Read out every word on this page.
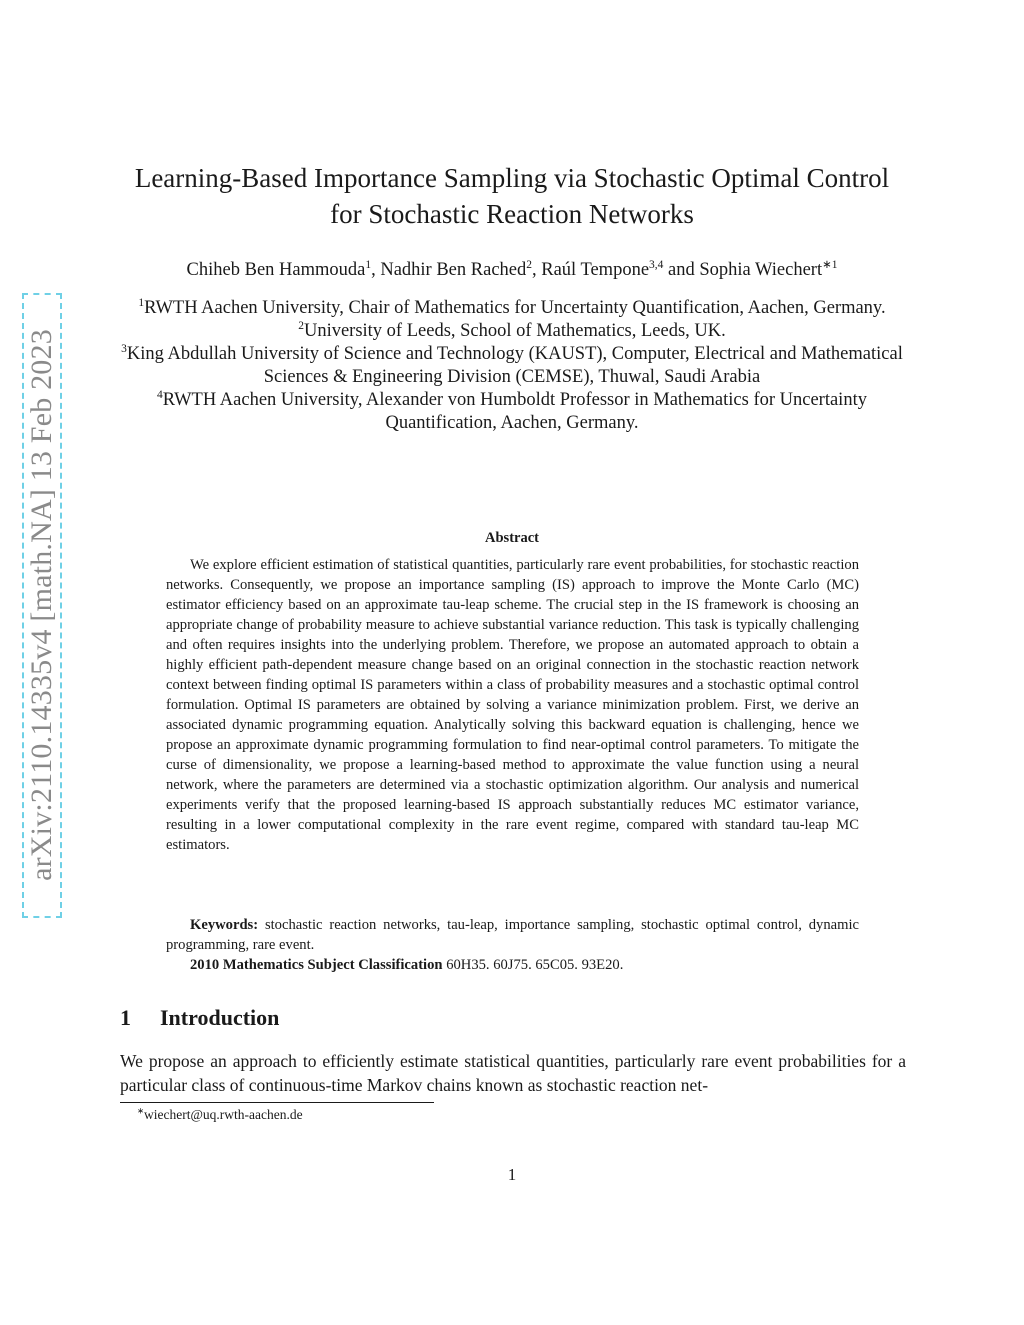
arXiv:2110.14335v4 [math.NA] 13 Feb 2023
Learning-Based Importance Sampling via Stochastic Optimal Control for Stochastic Reaction Networks
Chiheb Ben Hammouda$^1$, Nadhir Ben Rached$^2$, Raúl Tempone$^{3,4}$ and Sophia Wiechert$^{∗1}$
$^1$RWTH Aachen University, Chair of Mathematics for Uncertainty Quantification, Aachen, Germany.
$^2$University of Leeds, School of Mathematics, Leeds, UK.
$^3$King Abdullah University of Science and Technology (KAUST), Computer, Electrical and Mathematical Sciences & Engineering Division (CEMSE), Thuwal, Saudi Arabia
$^4$RWTH Aachen University, Alexander von Humboldt Professor in Mathematics for Uncertainty Quantification, Aachen, Germany.
Abstract

We explore efficient estimation of statistical quantities, particularly rare event probabilities, for stochastic reaction networks. Consequently, we propose an importance sampling (IS) approach to improve the Monte Carlo (MC) estimator efficiency based on an approximate tau-leap scheme. The crucial step in the IS framework is choosing an appropriate change of probability measure to achieve substantial variance reduction. This task is typically challenging and often requires insights into the underlying problem. Therefore, we propose an automated approach to obtain a highly efficient path-dependent measure change based on an original connection in the stochastic reaction network context between finding optimal IS parameters within a class of probability measures and a stochastic optimal control formulation. Optimal IS parameters are obtained by solving a variance minimization problem. First, we derive an associated dynamic programming equation. Analytically solving this backward equation is challenging, hence we propose an approximate dynamic programming formulation to find near-optimal control parameters. To mitigate the curse of dimensionality, we propose a learning-based method to approximate the value function using a neural network, where the parameters are determined via a stochastic optimization algorithm. Our analysis and numerical experiments verify that the proposed learning-based IS approach substantially reduces MC estimator variance, resulting in a lower computational complexity in the rare event regime, compared with standard tau-leap MC estimators.

Keywords: stochastic reaction networks, tau-leap, importance sampling, stochastic optimal control, dynamic programming, rare event.

2010 Mathematics Subject Classification 60H35. 60J75. 65C05. 93E20.

1 Introduction

We propose an approach to efficiently estimate statistical quantities, particularly rare event probabilities for a particular class of continuous-time Markov chains known as stochastic reaction net-

∗wiechert@uq.rwth-aachen.de
1
